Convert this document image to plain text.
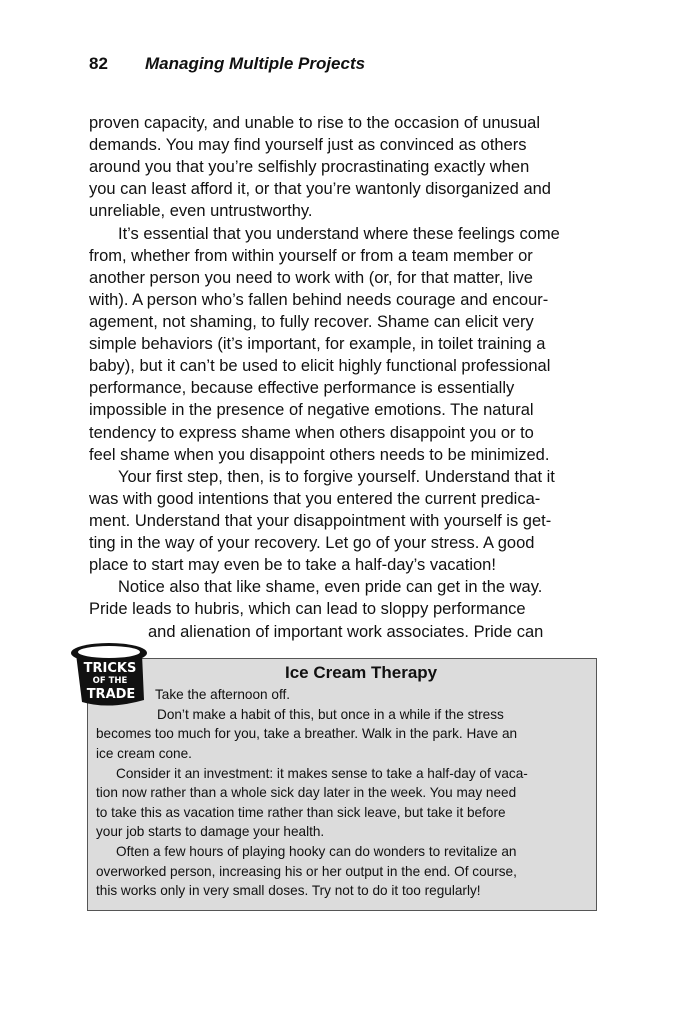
82 Managing Multiple Projects
proven capacity, and unable to rise to the occasion of unusual
demands. You may find yourself just as convinced as others
around you that you’re selfishly procrastinating exactly when
you can least afford it, or that you’re wantonly disorganized and
unreliable, even untrustworthy.
It’s essential that you understand where these feelings come
from, whether from within yourself or from a team member or
another person you need to work with (or, for that matter, live
with). A person who’s fallen behind needs courage and encour-
agement, not shaming, to fully recover. Shame can elicit very
simple behaviors (it’s important, for example, in toilet training a
baby), but it can’t be used to elicit highly functional professional
performance, because effective performance is essentially
impossible in the presence of negative emotions. The natural
tendency to express shame when others disappoint you or to
feel shame when you disappoint others needs to be minimized.
Your first step, then, is to forgive yourself. Understand that it
was with good intentions that you entered the current predica-
ment. Understand that your disappointment with yourself is get-
ting in the way of your recovery. Let go of your stress. A good
place to start may even be to take a half-day’s vacation!
Notice also that like shame, even pride can get in the way.
Pride leads to hubris, which can lead to sloppy performance
and alienation of important work associates. Pride can
TRICKS
OF THE
TRADE
Ice Cream Therapy
Take the afternoon off.
Don’t make a habit of this, but once in a while if the stress
becomes too much for you, take a breather. Walk in the park. Have an
ice cream cone.
Consider it an investment: it makes sense to take a half-day of vaca-
tion now rather than a whole sick day later in the week. You may need
to take this as vacation time rather than sick leave, but take it before
your job starts to damage your health.
Often a few hours of playing hooky can do wonders to revitalize an
overworked person, increasing his or her output in the end. Of course,
this works only in very small doses. Try not to do it too regularly!
